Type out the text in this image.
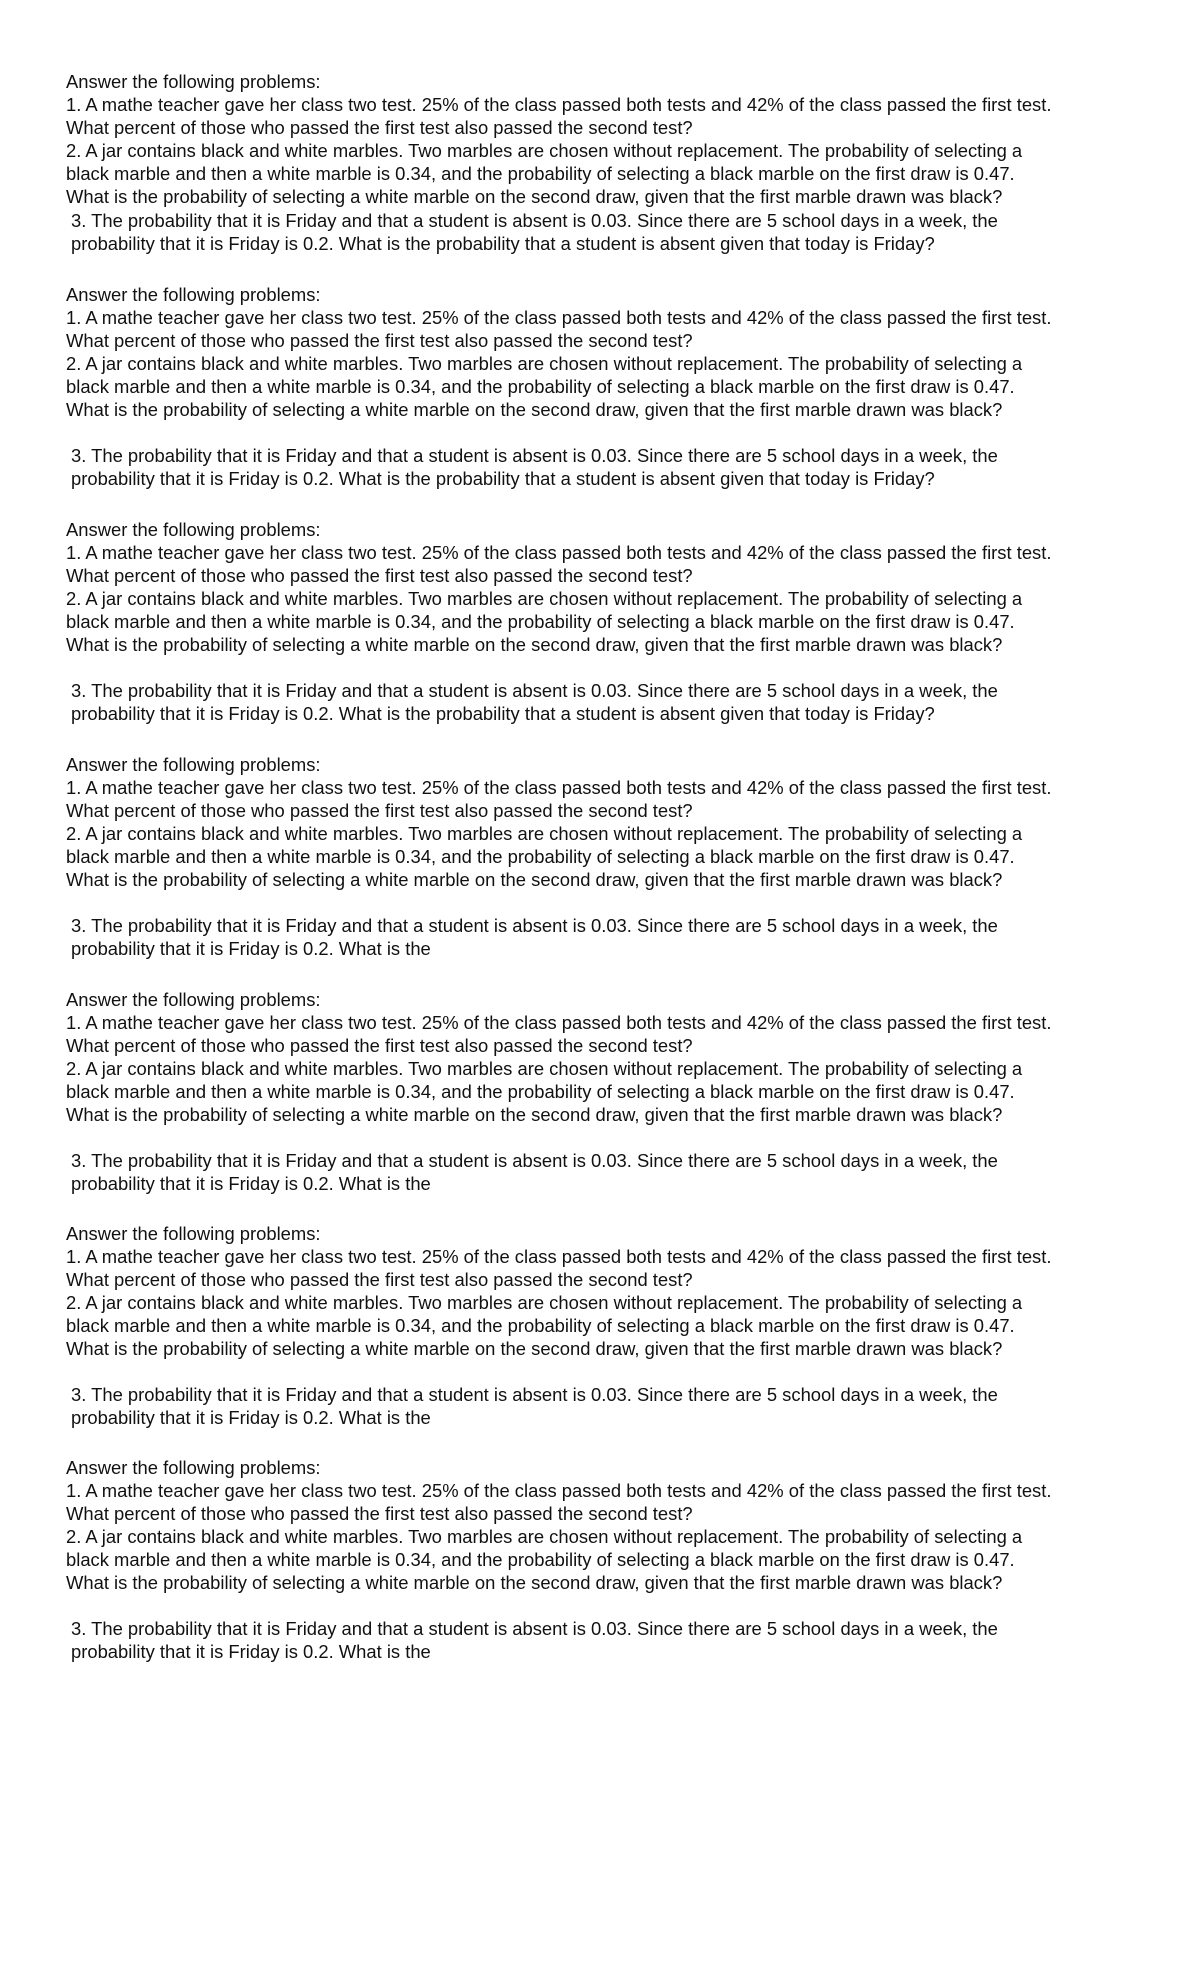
Answer the following problems:

1. A mathe teacher gave her class two test. 25% of the class passed both tests and 42% of the class passed the first test.

What percent of those who passed the first test also passed the second test?

2. A jar contains black and white marbles. Two marbles are chosen without replacement. The probability of selecting a

black marble and then a white marble is 0.34, and the probability of selecting a black marble on the first draw is 0.47.

What is the probability of selecting a white marble on the second draw, given that the first marble drawn was black?

3. The probability that it is Friday and that a student is absent is 0.03. Since there are 5 school days in a week, the

probability that it is Friday is 0.2. What is the probability that a student is absent given that today is Friday?

Answer the following problems:

1. A mathe teacher gave her class two test. 25% of the class passed both tests and 42% of the class passed the first test.

What percent of those who passed the first test also passed the second test?

2. A jar contains black and white marbles. Two marbles are chosen without replacement. The probability of selecting a

black marble and then a white marble is 0.34, and the probability of selecting a black marble on the first draw is 0.47.

What is the probability of selecting a white marble on the second draw, given that the first marble drawn was black?

3. The probability that it is Friday and that a student is absent is 0.03. Since there are 5 school days in a week, the

probability that it is Friday is 0.2. What is the probability that a student is absent given that today is Friday?

Answer the following problems:

1. A mathe teacher gave her class two test. 25% of the class passed both tests and 42% of the class passed the first test.

What percent of those who passed the first test also passed the second test?

2. A jar contains black and white marbles. Two marbles are chosen without replacement. The probability of selecting a

black marble and then a white marble is 0.34, and the probability of selecting a black marble on the first draw is 0.47.

What is the probability of selecting a white marble on the second draw, given that the first marble drawn was black?

3. The probability that it is Friday and that a student is absent is 0.03. Since there are 5 school days in a week, the

probability that it is Friday is 0.2. What is the probability that a student is absent given that today is Friday?

Answer the following problems:

1. A mathe teacher gave her class two test. 25% of the class passed both tests and 42% of the class passed the first test.

What percent of those who passed the first test also passed the second test?

2. A jar contains black and white marbles. Two marbles are chosen without replacement. The probability of selecting a

black marble and then a white marble is 0.34, and the probability of selecting a black marble on the first draw is 0.47.

What is the probability of selecting a white marble on the second draw, given that the first marble drawn was black?

3. The probability that it is Friday and that a student is absent is 0.03. Since there are 5 school days in a week, the

probability that it is Friday is 0.2. What is the

Answer the following problems:

1. A mathe teacher gave her class two test. 25% of the class passed both tests and 42% of the class passed the first test.

What percent of those who passed the first test also passed the second test?

2. A jar contains black and white marbles. Two marbles are chosen without replacement. The probability of selecting a

black marble and then a white marble is 0.34, and the probability of selecting a black marble on the first draw is 0.47.

What is the probability of selecting a white marble on the second draw, given that the first marble drawn was black?

3. The probability that it is Friday and that a student is absent is 0.03. Since there are 5 school days in a week, the

probability that it is Friday is 0.2. What is the

Answer the following problems:

1. A mathe teacher gave her class two test. 25% of the class passed both tests and 42% of the class passed the first test.

What percent of those who passed the first test also passed the second test?

2. A jar contains black and white marbles. Two marbles are chosen without replacement. The probability of selecting a

black marble and then a white marble is 0.34, and the probability of selecting a black marble on the first draw is 0.47.

What is the probability of selecting a white marble on the second draw, given that the first marble drawn was black?

3. The probability that it is Friday and that a student is absent is 0.03. Since there are 5 school days in a week, the

probability that it is Friday is 0.2. What is the

Answer the following problems:

1. A mathe teacher gave her class two test. 25% of the class passed both tests and 42% of the class passed the first test.

What percent of those who passed the first test also passed the second test?

2. A jar contains black and white marbles. Two marbles are chosen without replacement. The probability of selecting a

black marble and then a white marble is 0.34, and the probability of selecting a black marble on the first draw is 0.47.

What is the probability of selecting a white marble on the second draw, given that the first marble drawn was black?

3. The probability that it is Friday and that a student is absent is 0.03. Since there are 5 school days in a week, the

probability that it is Friday is 0.2. What is the
